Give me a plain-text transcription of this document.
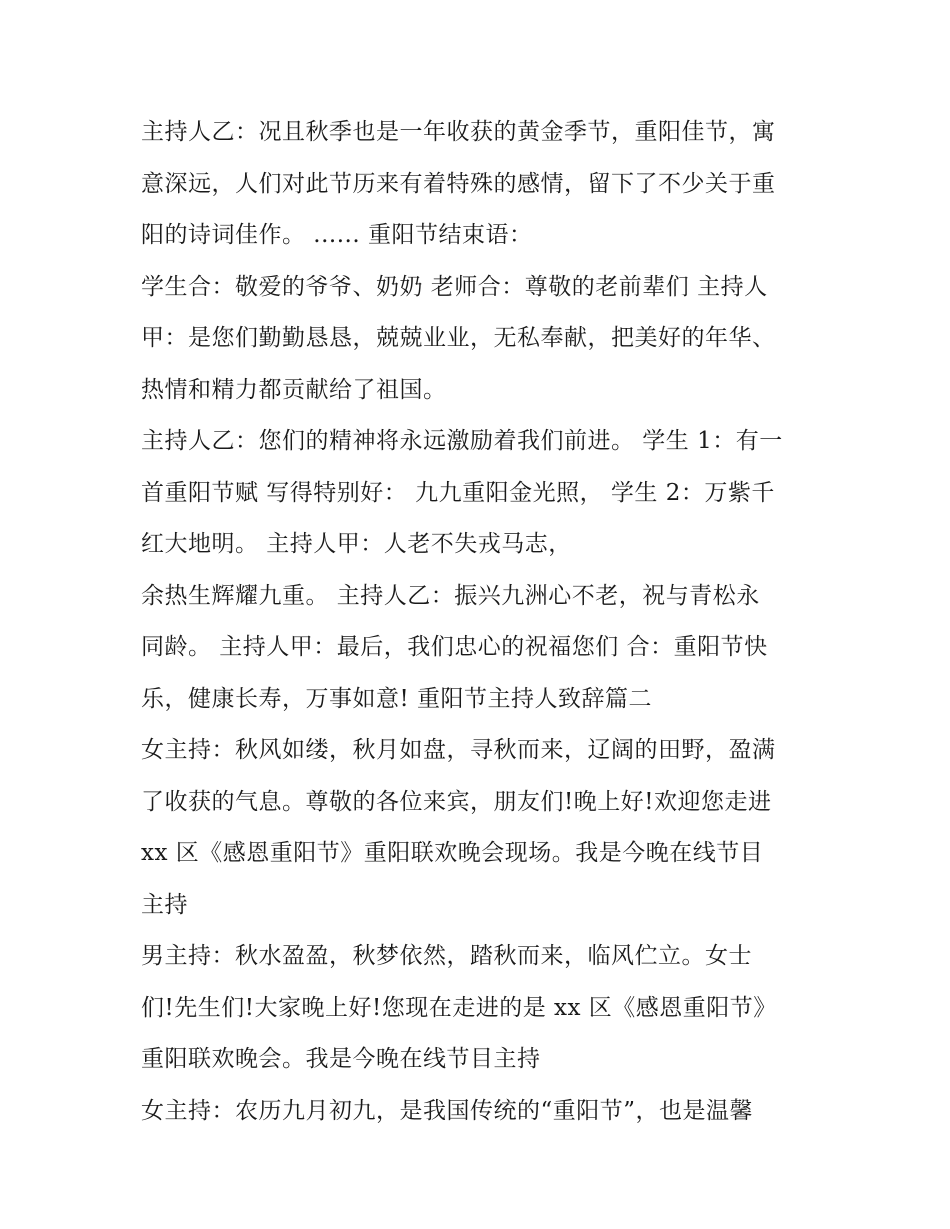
主持人乙：况且秋季也是一年收获的黄金季节，重阳佳节，寓
意深远，人们对此节历来有着特殊的感情，留下了不少关于重
阳的诗词佳作。 ...... 重阳节结束语：
学生合：敬爱的爷爷、奶奶 老师合：尊敬的老前辈们 主持人
甲：是您们勤勤恳恳，兢兢业业，无私奉献，把美好的年华、
热情和精力都贡献给了祖国。
主持人乙：您们的精神将永远激励着我们前进。 学生 1：有一
首重阳节赋 写得特别好： 九九重阳金光照， 学生 2：万紫千
红大地明。 主持人甲：人老不失戎马志，
余热生辉耀九重。 主持人乙：振兴九洲心不老，祝与青松永
同龄。 主持人甲：最后，我们忠心的祝福您们 合：重阳节快
乐，健康长寿，万事如意! 重阳节主持人致辞篇二
女主持：秋风如缕，秋月如盘，寻秋而来，辽阔的田野，盈满
了收获的气息。尊敬的各位来宾，朋友们!晚上好!欢迎您走进
xx 区《感恩重阳节》重阳联欢晚会现场。我是今晚在线节目
主持
男主持：秋水盈盈，秋梦依然，踏秋而来，临风伫立。女士
们!先生们!大家晚上好!您现在走进的是 xx 区《感恩重阳节》
重阳联欢晚会。我是今晚在线节目主持
女主持：农历九月初九，是我国传统的“重阳节”，也是温馨
